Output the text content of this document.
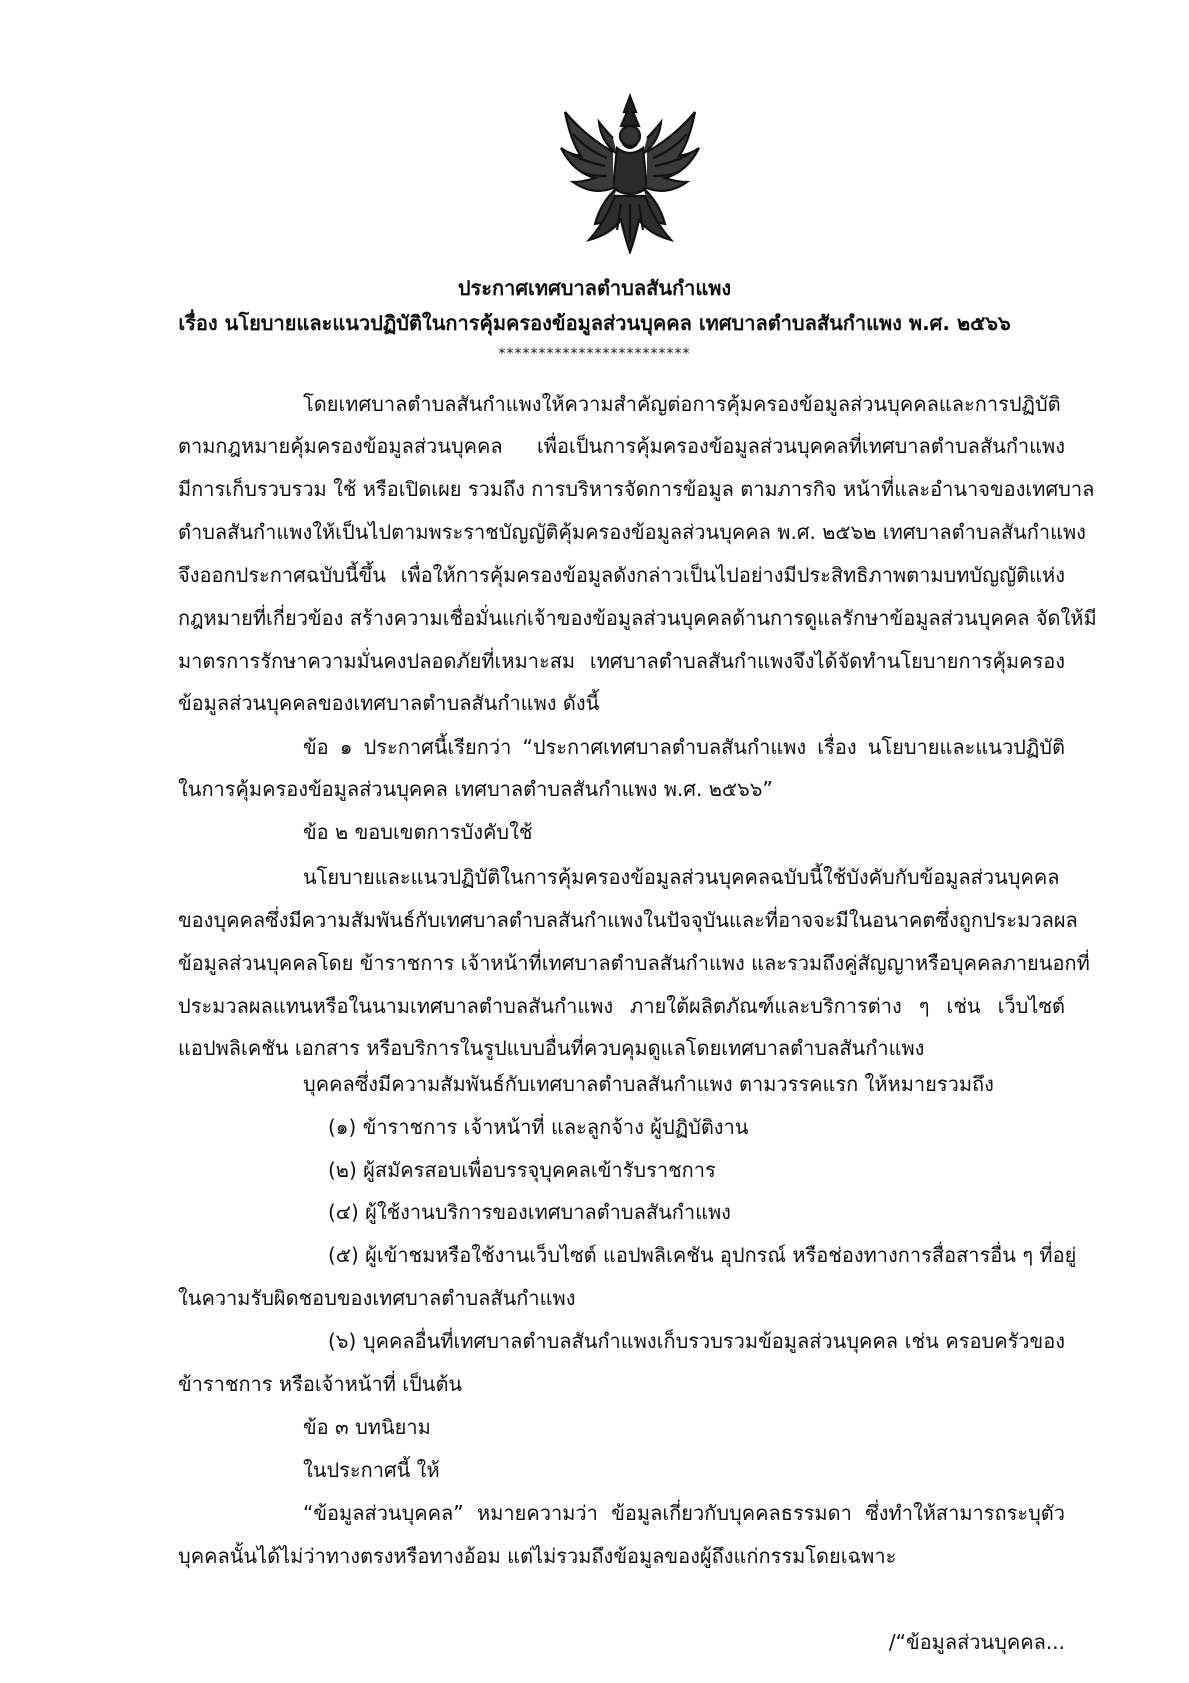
ประกาศเทศบาลตำบลสันกำแพง
เรื่อง นโยบายและแนวปฏิบัติในการคุ้มครองข้อมูลส่วนบุคคล เทศบาลตำบลสันกำแพง พ.ศ. ๒๕๖๖
************************
โดยเทศบาลตำบลสันกำแพงให้ความสำคัญต่อการคุ้มครองข้อมูลส่วนบุคคลและการปฏิบัติ
ตามกฎหมายคุ้มครองข้อมูลส่วนบุคคล เพื่อเป็นการคุ้มครองข้อมูลส่วนบุคคลที่เทศบาลตำบลสันกำแพง
มีการเก็บรวบรวม ใช้ หรือเปิดเผย รวมถึง การบริหารจัดการข้อมูล ตามภารกิจ หน้าที่และอำนาจของเทศบาล
ตำบลสันกำแพงให้เป็นไปตามพระราชบัญญัติคุ้มครองข้อมูลส่วนบุคคล พ.ศ. ๒๕๖๒ เทศบาลตำบลสันกำแพง
จึงออกประกาศฉบับนี้ขึ้น เพื่อให้การคุ้มครองข้อมูลดังกล่าวเป็นไปอย่างมีประสิทธิภาพตามบทบัญญัติแห่ง
กฎหมายที่เกี่ยวข้อง สร้างความเชื่อมั่นแก่เจ้าของข้อมูลส่วนบุคคลด้านการดูแลรักษาข้อมูลส่วนบุคคล จัดให้มี
มาตรการรักษาความมั่นคงปลอดภัยที่เหมาะสม เทศบาลตำบลสันกำแพงจึงได้จัดทำนโยบายการคุ้มครอง
ข้อมูลส่วนบุคคลของเทศบาลตำบลสันกำแพง ดังนี้
ข้อ ๑ ประกาศนี้เรียกว่า “ประกาศเทศบาลตำบลสันกำแพง เรื่อง นโยบายและแนวปฏิบัติ
ในการคุ้มครองข้อมูลส่วนบุคคล เทศบาลตำบลสันกำแพง พ.ศ. ๒๕๖๖”
ข้อ ๒ ขอบเขตการบังคับใช้
นโยบายและแนวปฏิบัติในการคุ้มครองข้อมูลส่วนบุคคลฉบับนี้ใช้บังคับกับข้อมูลส่วนบุคคล
ของบุคคลซึ่งมีความสัมพันธ์กับเทศบาลตำบลสันกำแพงในปัจจุบันและที่อาจจะมีในอนาคตซึ่งถูกประมวลผล
ข้อมูลส่วนบุคคลโดย ข้าราชการ เจ้าหน้าที่เทศบาลตำบลสันกำแพง และรวมถึงคู่สัญญาหรือบุคคลภายนอกที่
ประมวลผลแทนหรือในนามเทศบาลตำบลสันกำแพง ภายใต้ผลิตภัณฑ์และบริการต่าง ๆ เช่น เว็บไซต์
แอปพลิเคชัน เอกสาร หรือบริการในรูปแบบอื่นที่ควบคุมดูแลโดยเทศบาลตำบลสันกำแพง
บุคคลซึ่งมีความสัมพันธ์กับเทศบาลตำบลสันกำแพง ตามวรรคแรก ให้หมายรวมถึง
(๑) ข้าราชการ เจ้าหน้าที่ และลูกจ้าง ผู้ปฏิบัติงาน
(๒) ผู้สมัครสอบเพื่อบรรจุบุคคลเข้ารับราชการ
(๔) ผู้ใช้งานบริการของเทศบาลตำบลสันกำแพง
(๕) ผู้เข้าชมหรือใช้งานเว็บไซต์ แอปพลิเคชัน อุปกรณ์ หรือช่องทางการสื่อสารอื่น ๆ ที่อยู่
ในความรับผิดชอบของเทศบาลตำบลสันกำแพง
(๖) บุคคลอื่นที่เทศบาลตำบลสันกำแพงเก็บรวบรวมข้อมูลส่วนบุคคล เช่น ครอบครัวของ
ข้าราชการ หรือเจ้าหน้าที่ เป็นต้น
ข้อ ๓ บทนิยาม
ในประกาศนี้ ให้
“ข้อมูลส่วนบุคคล” หมายความว่า ข้อมูลเกี่ยวกับบุคคลธรรมดา ซึ่งทำให้สามารถระบุตัว
บุคคลนั้นได้ไม่ว่าทางตรงหรือทางอ้อม แต่ไม่รวมถึงข้อมูลของผู้ถึงแก่กรรมโดยเฉพาะ
/“ข้อมูลส่วนบุคคล...
